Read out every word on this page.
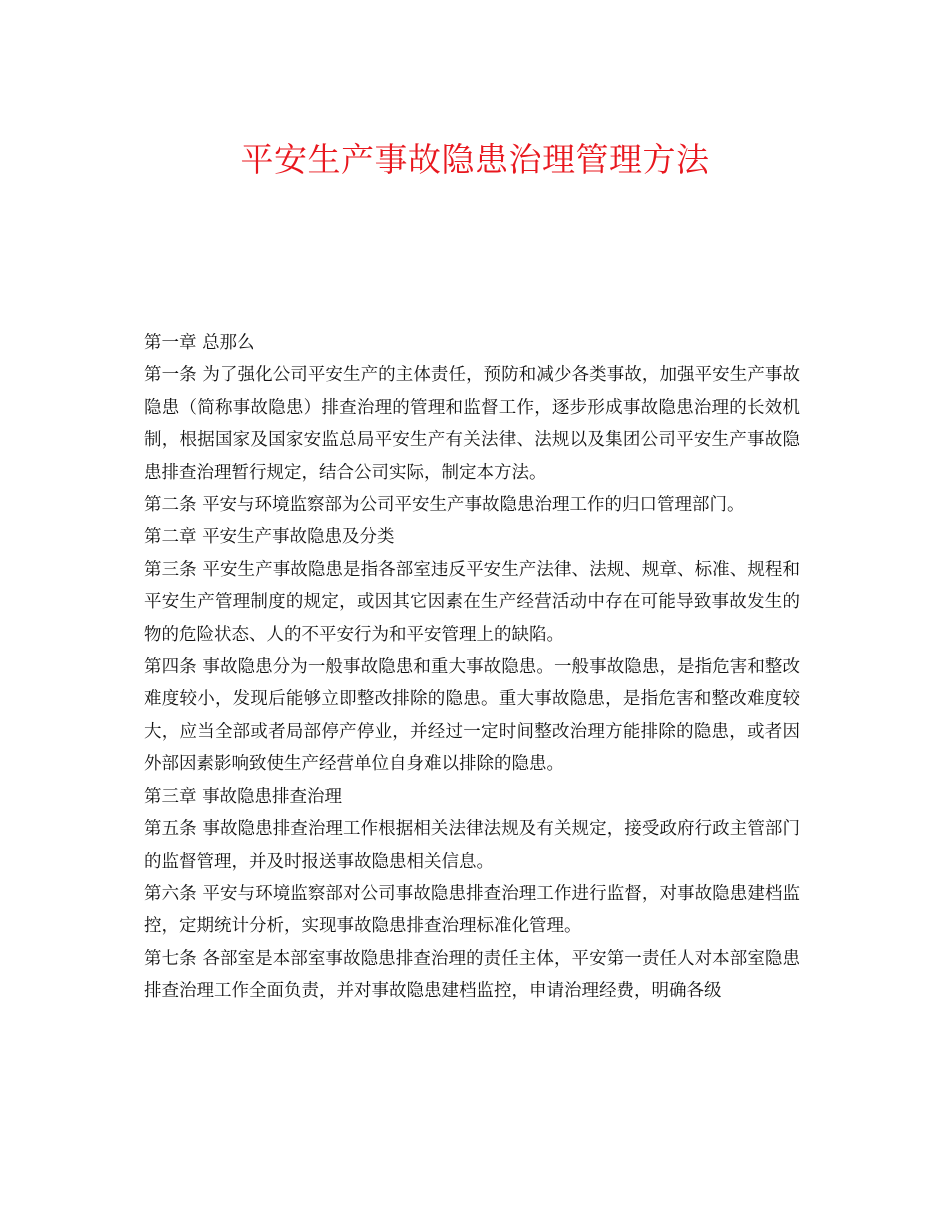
平安生产事故隐患治理管理方法

第一章 总那么

第一条 为了强化公司平安生产的主体责任，预防和减少各类事故，加强平安生产事故隐患（简称事故隐患）排查治理的管理和监督工作，逐步形成事故隐患治理的长效机制，根据国家及国家安监总局平安生产有关法律、法规以及集团公司平安生产事故隐患排查治理暂行规定，结合公司实际，制定本方法。

第二条 平安与环境监察部为公司平安生产事故隐患治理工作的归口管理部门。

第二章 平安生产事故隐患及分类

第三条 平安生产事故隐患是指各部室违反平安生产法律、法规、规章、标准、规程和平安生产管理制度的规定，或因其它因素在生产经营活动中存在可能导致事故发生的物的危险状态、人的不平安行为和平安管理上的缺陷。

第四条 事故隐患分为一般事故隐患和重大事故隐患。一般事故隐患，是指危害和整改难度较小，发现后能够立即整改排除的隐患。重大事故隐患，是指危害和整改难度较大，应当全部或者局部停产停业，并经过一定时间整改治理方能排除的隐患，或者因外部因素影响致使生产经营单位自身难以排除的隐患。

第三章 事故隐患排查治理

第五条 事故隐患排查治理工作根据相关法律法规及有关规定，接受政府行政主管部门的监督管理，并及时报送事故隐患相关信息。

第六条 平安与环境监察部对公司事故隐患排查治理工作进行监督，对事故隐患建档监控，定期统计分析，实现事故隐患排查治理标准化管理。

第七条 各部室是本部室事故隐患排查治理的责任主体，平安第一责任人对本部室隐患排查治理工作全面负责，并对事故隐患建档监控，申请治理经费，明确各级
